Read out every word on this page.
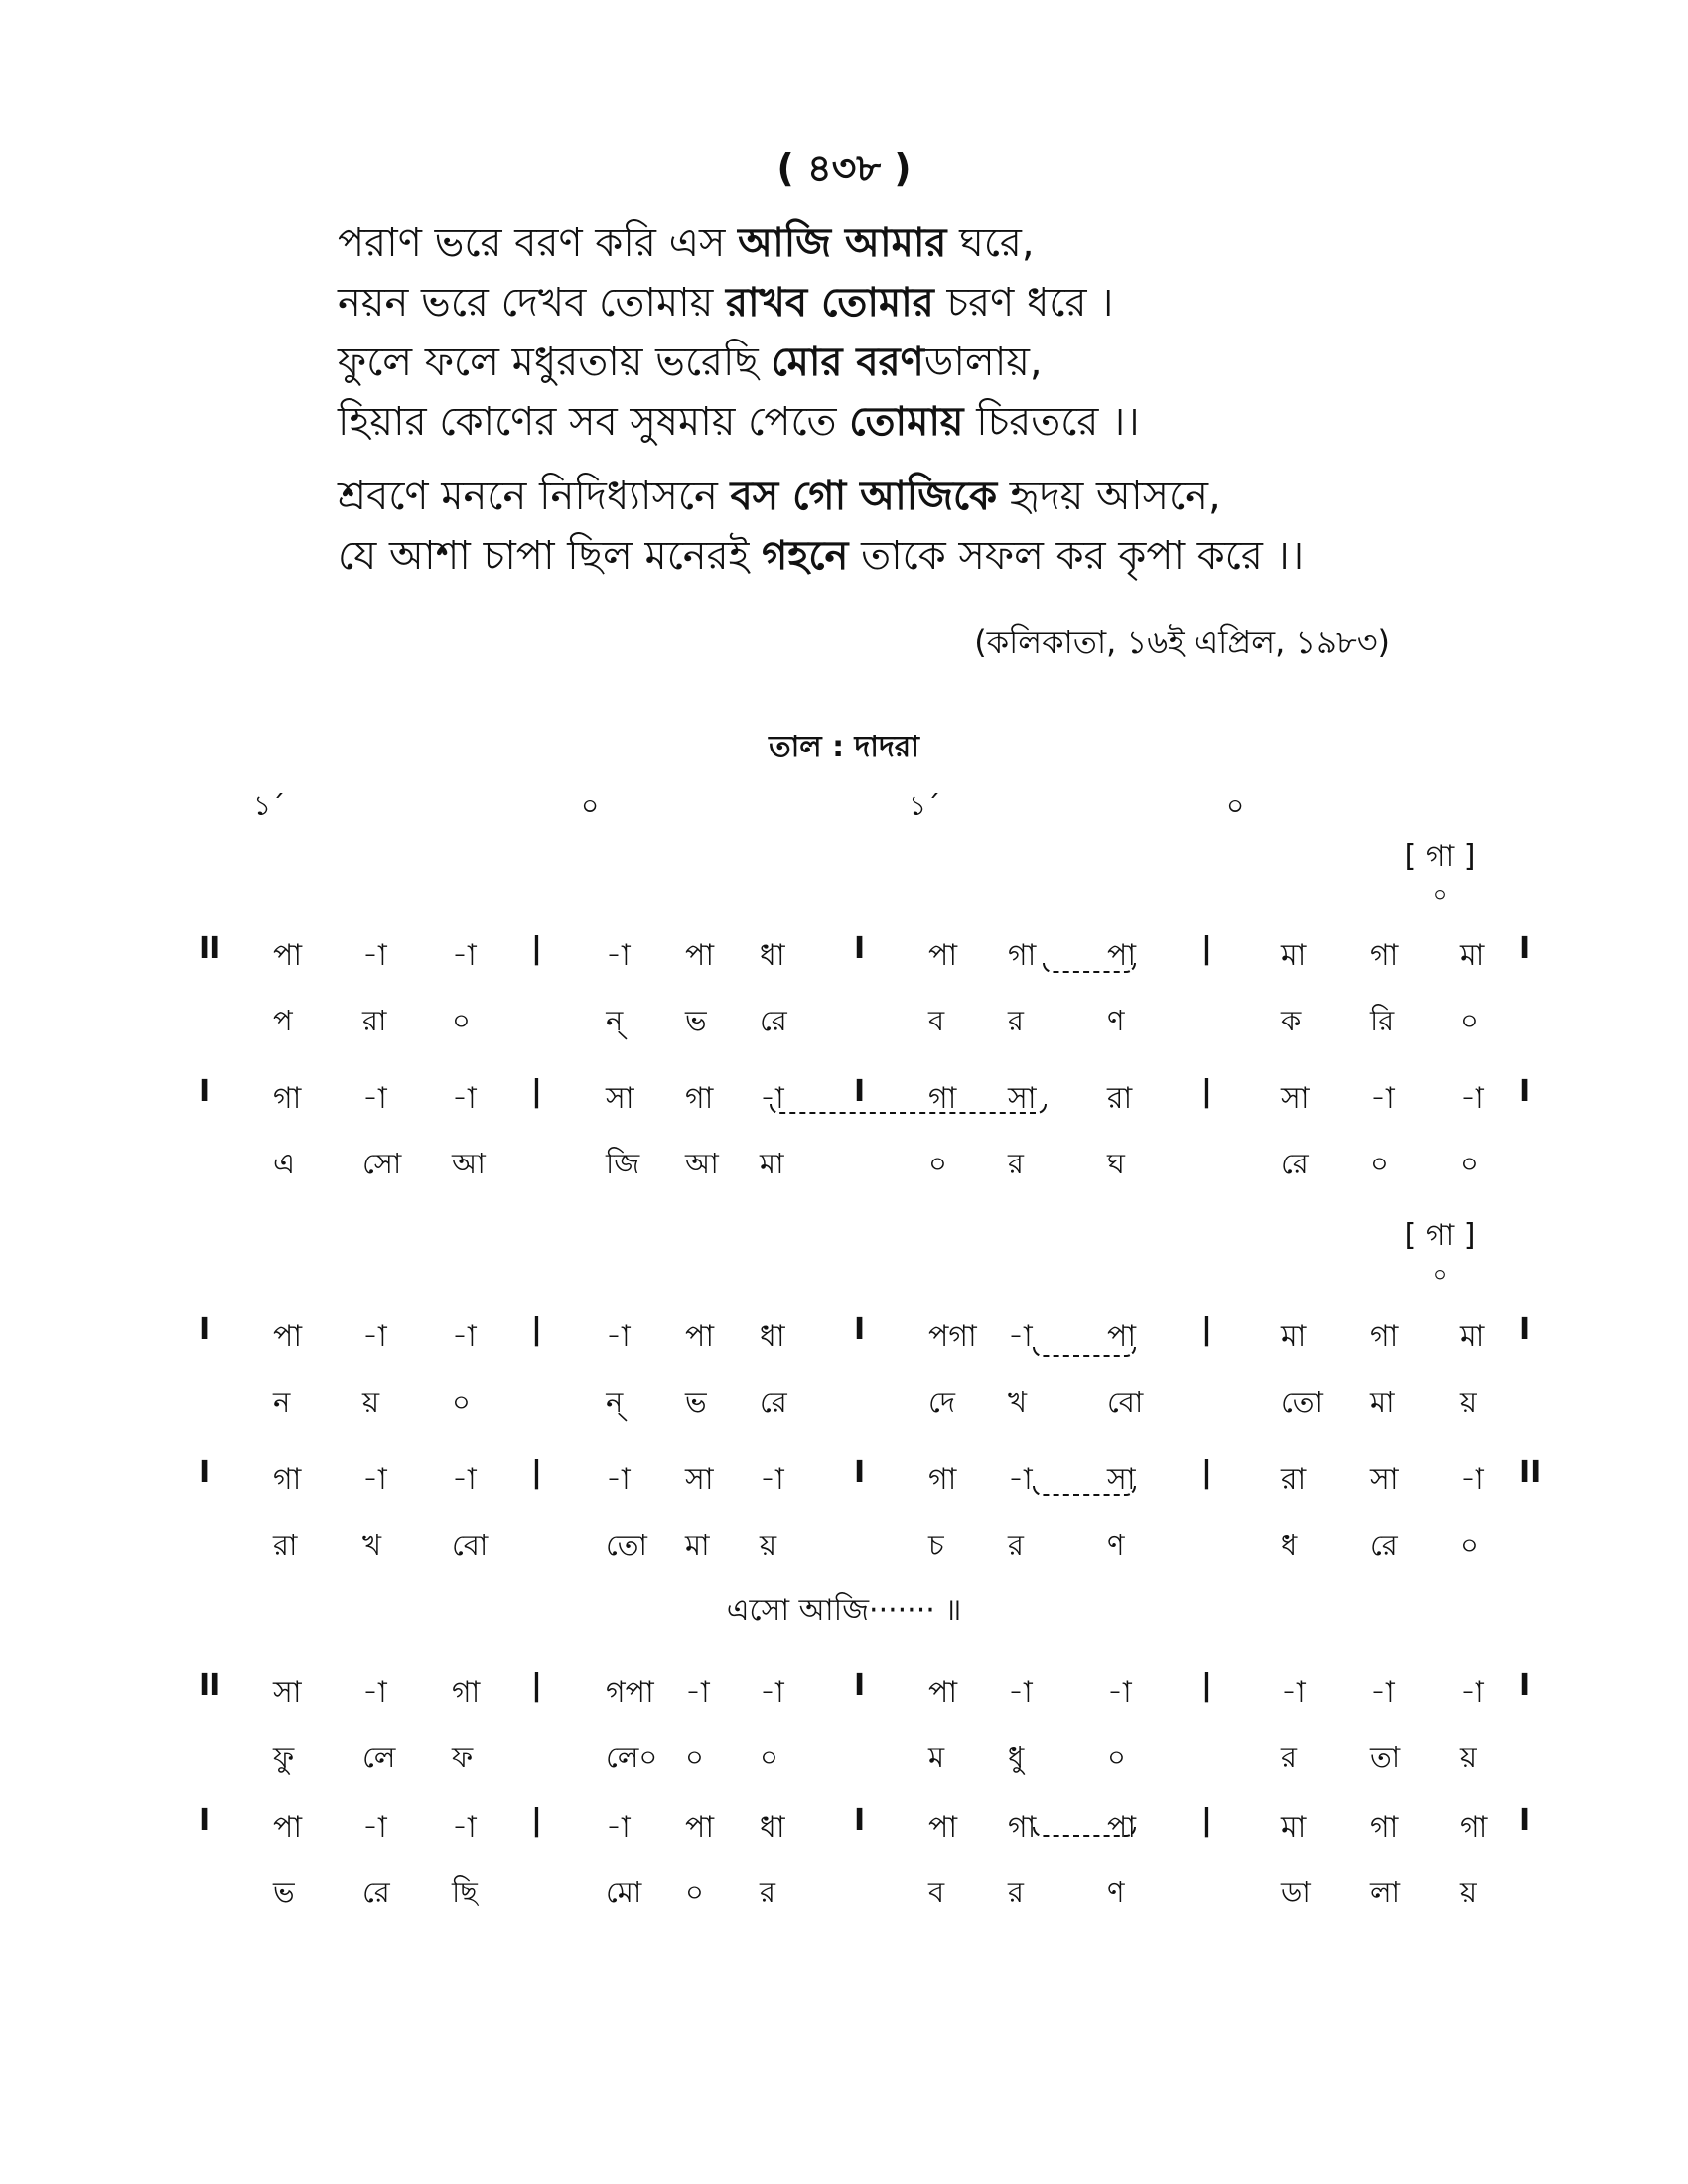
( ৪৩৮ )
পরাণ ভরে বরণ করি এস আজি আমার ঘরে,
নয়ন ভরে দেখব তোমায় রাখব তোমার চরণ ধরে ।
ফুলে ফলে মধুরতায় ভরেছি মোর বরণডালায়,
হিয়ার কোণের সব সুষমায় পেতে তোমায় চিরতরে ।।
শ্রবণে মননে নিদিধ্যাসনে বস গো আজিকে হৃদয় আসনে,
যে আশা চাপা ছিল মনেরই গহনে তাকে সফল কর কৃপা করে ।।
(কলিকাতা, ১৬ই এপ্রিল, ১৯৮৩)
তাল : দাদরা
১´	০	১´	০
[ গা ]
০
[ গা ]
০
II পা -া -া | -া পা ধা I পা গা পা | মা গা মা I
প রা ০	ন্ ভ রে	ব র	ণ	ক রি ০
I গা -া -া | সা গা -া I গা সা রা | সা -া -া I
এ সো আ	জি আ মা	০ র	ঘ	রে ০ ০
I পা -া -া | -া পা ধা I পগা -া	পা | মা গা মা I
ন	য়	০	ন্ ভ রে	দে খ	বো	তো মা য়
I গা -া -া | -া সা -া I গা -া	সা | রা সা -া II
রা খ বো	তো মা য়	চ র	ণ	ধ	রে ০
II সা -া গা | গপা -া -া I পা -া	-া | -া -া -া I
ফু লে ফ	লে০ ০ ০	ম ধু	০	র	তা য়
I পা -া -া | -া পা ধা I পা গা পা | মা গা গা I
ভ রে ছি	মো ০ র	ব র	ণ	ডা লা য়
এসো আজি······· ॥
